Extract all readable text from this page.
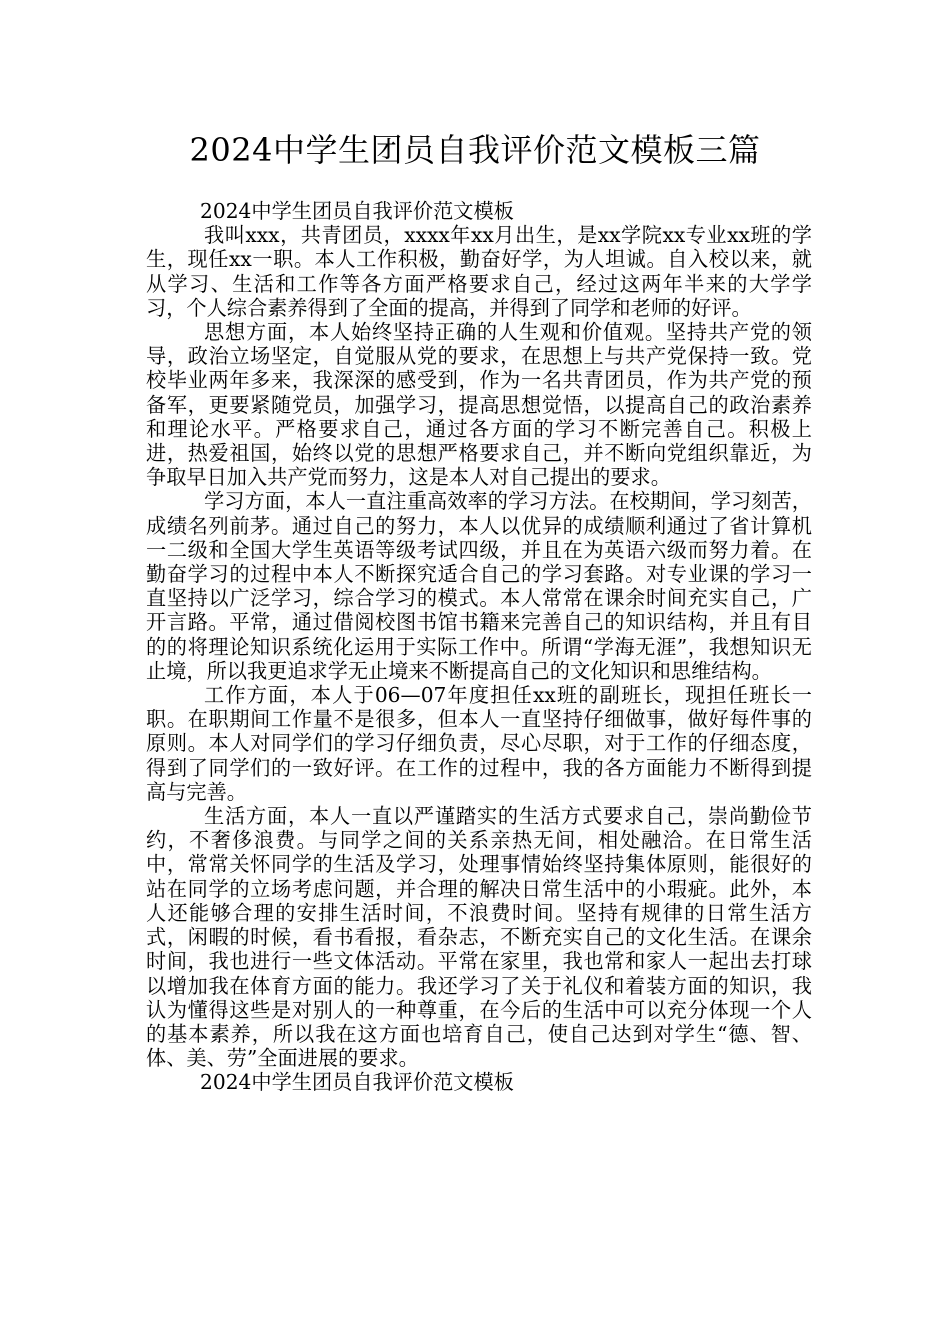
2024中学生团员自我评价范文模板三篇

2024中学生团员自我评价范文模板

我叫xxx，共青团员，xxxx年xx月出生，是xx学院xx专业xx班的学生，现任xx一职。本人工作积极，勤奋好学，为人坦诚。自入校以来，就从学习、生活和工作等各方面严格要求自己，经过这两年半来的大学学习，个人综合素养得到了全面的提高，并得到了同学和老师的好评。

思想方面，本人始终坚持正确的人生观和价值观。坚持共产党的领导，政治立场坚定，自觉服从党的要求，在思想上与共产党保持一致。党校毕业两年多来，我深深的感受到，作为一名共青团员，作为共产党的预备军，更要紧随党员，加强学习，提高思想觉悟，以提高自己的政治素养和理论水平。严格要求自己，通过各方面的学习不断完善自己。积极上进，热爱祖国，始终以党的思想严格要求自己，并不断向党组织靠近，为争取早日加入共产党而努力，这是本人对自己提出的要求。

学习方面，本人一直注重高效率的学习方法。在校期间，学习刻苦，成绩名列前茅。通过自己的努力，本人以优异的成绩顺利通过了省计算机一二级和全国大学生英语等级考试四级，并且在为英语六级而努力着。在勤奋学习的过程中本人不断探究适合自己的学习套路。对专业课的学习一直坚持以广泛学习，综合学习的模式。本人常常在课余时间充实自己，广开言路。平常，通过借阅校图书馆书籍来完善自己的知识结构，并且有目的的将理论知识系统化运用于实际工作中。所谓“学海无涯”，我想知识无止境，所以我更追求学无止境来不断提高自己的文化知识和思维结构。

工作方面，本人于06—07年度担任xx班的副班长，现担任班长一职。在职期间工作量不是很多，但本人一直坚持仔细做事，做好每件事的原则。本人对同学们的学习仔细负责，尽心尽职，对于工作的仔细态度，得到了同学们的一致好评。在工作的过程中，我的各方面能力不断得到提高与完善。

生活方面，本人一直以严谨踏实的生活方式要求自己，崇尚勤俭节约，不奢侈浪费。与同学之间的关系亲热无间，相处融洽。在日常生活中，常常关怀同学的生活及学习，处理事情始终坚持集体原则，能很好的站在同学的立场考虑问题，并合理的解决日常生活中的小瑕疵。此外，本人还能够合理的安排生活时间，不浪费时间。坚持有规律的日常生活方式，闲暇的时候，看书看报，看杂志，不断充实自己的文化生活。在课余时间，我也进行一些文体活动。平常在家里，我也常和家人一起出去打球以增加我在体育方面的能力。我还学习了关于礼仪和着装方面的知识，我认为懂得这些是对别人的一种尊重，在今后的生活中可以充分体现一个人的基本素养，所以我在这方面也培育自己，使自己达到对学生“德、智、体、美、劳”全面进展的要求。

2024中学生团员自我评价范文模板
